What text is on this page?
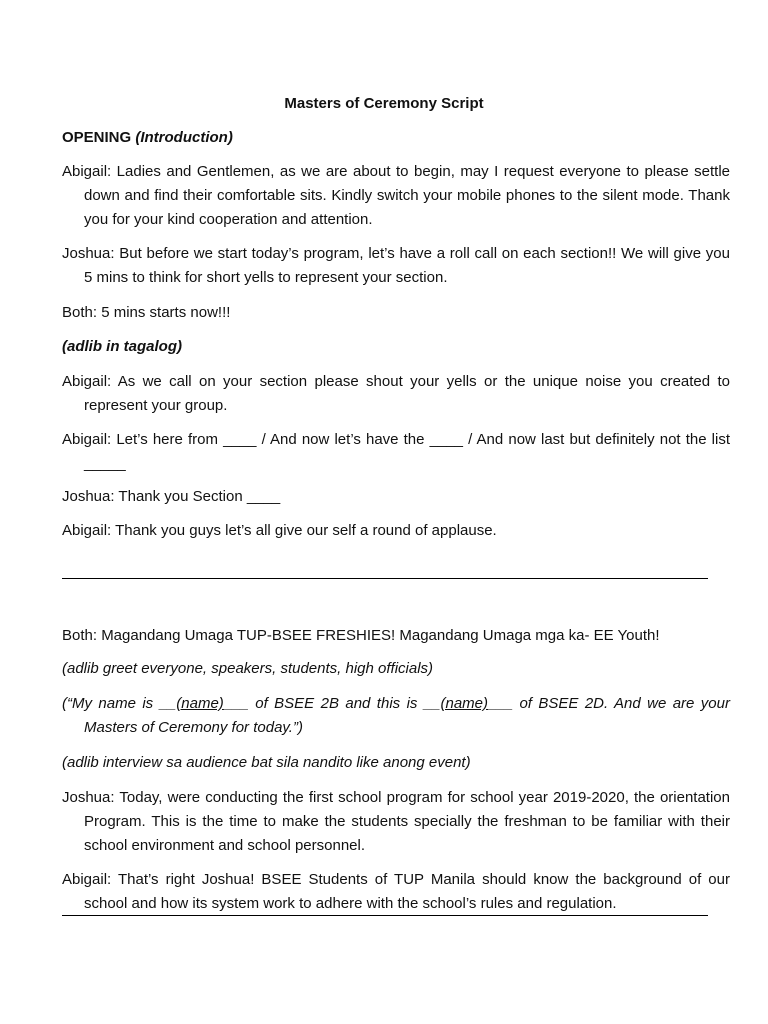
Masters of Ceremony Script
OPENING (Introduction)
Abigail: Ladies and Gentlemen, as we are about to begin, may I request everyone to please settle down and find their comfortable sits. Kindly switch your mobile phones to the silent mode. Thank you for your kind cooperation and attention.
Joshua: But before we start today’s program, let’s have a roll call on each section!! We will give you 5 mins to think for short yells to represent your section.
Both: 5 mins starts now!!!
(adlib in tagalog)
Abigail: As we call on your section please shout your yells or the unique noise you created to represent your group.
Abigail: Let’s here from ____ / And now let’s have the ____ / And now last but definitely not the list _____
Joshua: Thank you Section ____
Abigail: Thank you guys let’s all give our self a round of applause.
Both: Magandang Umaga TUP-BSEE FRESHIES! Magandang Umaga mga ka- EE Youth!
(adlib greet everyone, speakers, students, high officials)
(“My name is __(name)___ of BSEE 2B and this is __(name)___ of BSEE 2D. And we are your Masters of Ceremony for today.”)
(adlib interview sa audience bat sila nandito like anong event)
Joshua: Today, were conducting the first school program for school year 2019-2020, the orientation Program. This is the time to make the students specially the freshman to be familiar with their school environment and school personnel.
Abigail: That’s right Joshua! BSEE Students of TUP Manila should know the background of our school and how its system work to adhere with the school’s rules and regulation.
